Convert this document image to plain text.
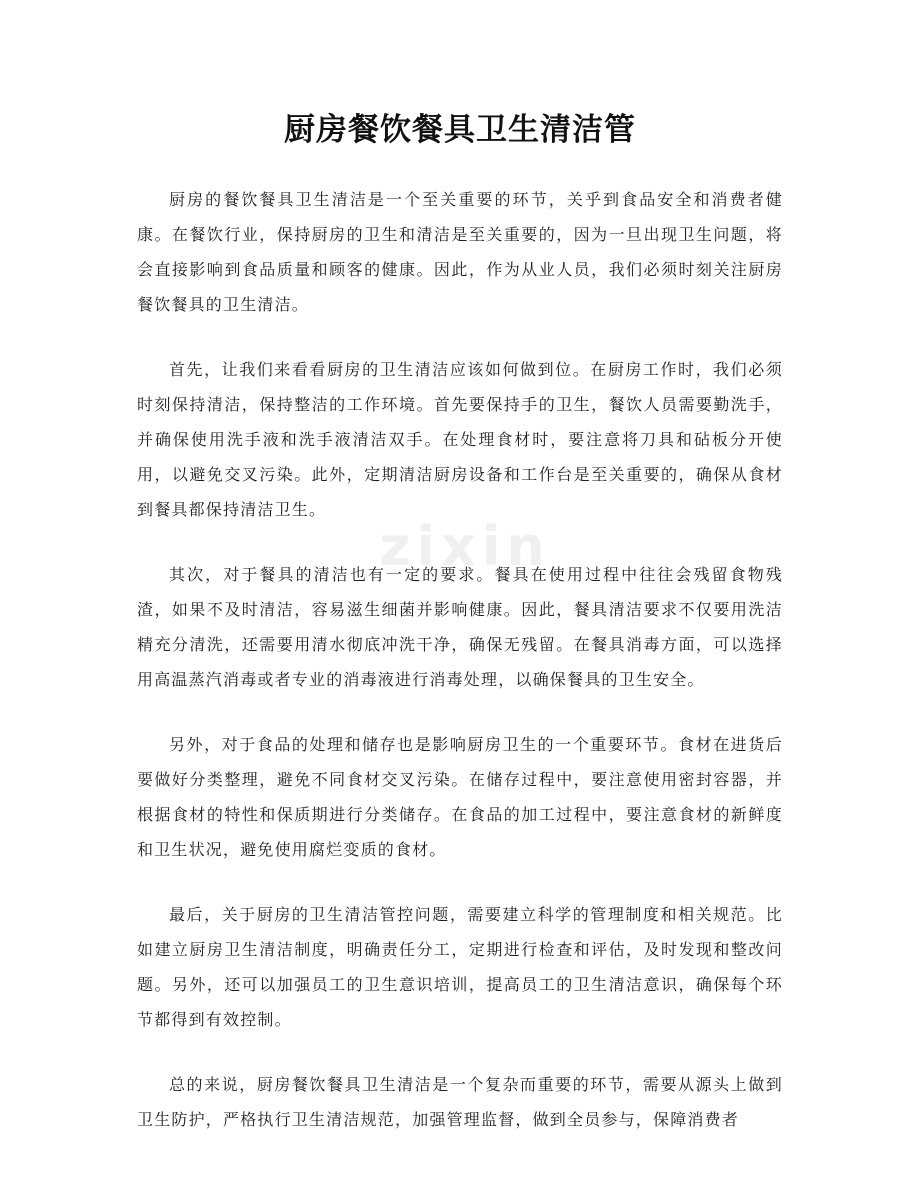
厨房餐饮餐具卫生清洁管
zixin

厨房的餐饮餐具卫生清洁是一个至关重要的环节，关乎到食品安全和消费者健康。在餐饮行业，保持厨房的卫生和清洁是至关重要的，因为一旦出现卫生问题，将会直接影响到食品质量和顾客的健康。因此，作为从业人员，我们必须时刻关注厨房餐饮餐具的卫生清洁。

首先，让我们来看看厨房的卫生清洁应该如何做到位。在厨房工作时，我们必须时刻保持清洁，保持整洁的工作环境。首先要保持手的卫生，餐饮人员需要勤洗手，并确保使用洗手液和洗手液清洁双手。在处理食材时，要注意将刀具和砧板分开使用，以避免交叉污染。此外，定期清洁厨房设备和工作台是至关重要的，确保从食材到餐具都保持清洁卫生。

其次，对于餐具的清洁也有一定的要求。餐具在使用过程中往往会残留食物残渣，如果不及时清洁，容易滋生细菌并影响健康。因此，餐具清洁要求不仅要用洗洁精充分清洗，还需要用清水彻底冲洗干净，确保无残留。在餐具消毒方面，可以选择用高温蒸汽消毒或者专业的消毒液进行消毒处理，以确保餐具的卫生安全。

另外，对于食品的处理和储存也是影响厨房卫生的一个重要环节。食材在进货后要做好分类整理，避免不同食材交叉污染。在储存过程中，要注意使用密封容器，并根据食材的特性和保质期进行分类储存。在食品的加工过程中，要注意食材的新鲜度和卫生状况，避免使用腐烂变质的食材。

最后，关于厨房的卫生清洁管控问题，需要建立科学的管理制度和相关规范。比如建立厨房卫生清洁制度，明确责任分工，定期进行检查和评估，及时发现和整改问题。另外，还可以加强员工的卫生意识培训，提高员工的卫生清洁意识，确保每个环节都得到有效控制。

总的来说，厨房餐饮餐具卫生清洁是一个复杂而重要的环节，需要从源头上做到卫生防护，严格执行卫生清洁规范，加强管理监督，做到全员参与，保障消费者
